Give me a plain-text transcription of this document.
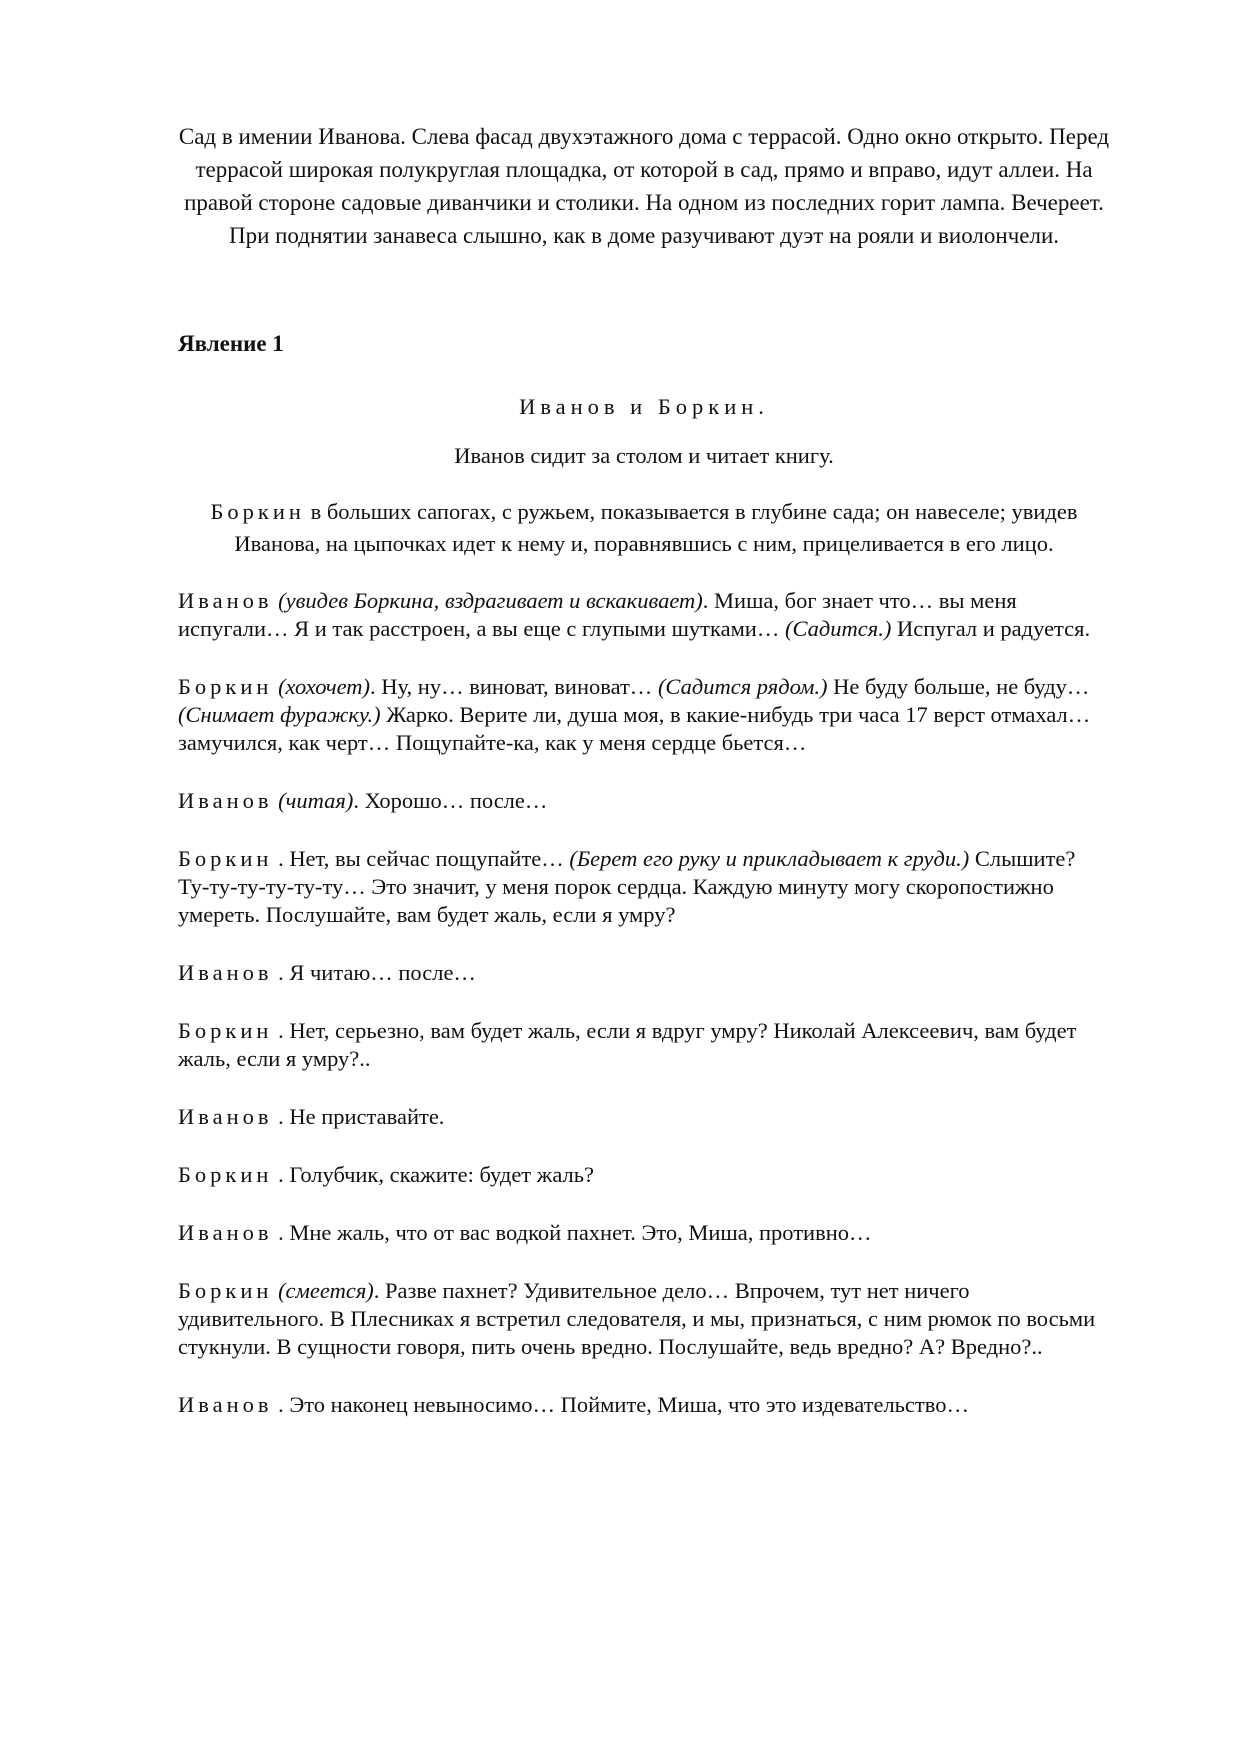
Сад в имении Иванова. Слева фасад двухэтажного дома с террасой. Одно окно открыто. Перед террасой широкая полукруглая площадка, от которой в сад, прямо и вправо, идут аллеи. На правой стороне садовые диванчики и столики. На одном из последних горит лампа. Вечереет. При поднятии занавеса слышно, как в доме разучивают дуэт на рояли и виолончели.

Явление 1
Иванов и Боркин.
Иванов сидит за столом и читает книгу.
Боркин в больших сапогах, с ружьем, показывается в глубине сада; он навеселе; увидев Иванова, на цыпочках идет к нему и, поравнявшись с ним, прицеливается в его лицо.

Иванов (увидев Боркина, вздрагивает и вскакивает). Миша, бог знает что… вы меня испугали… Я и так расстроен, а вы еще с глупыми шутками… (Садится.) Испугал и радуется.

Боркин (хохочет). Ну, ну… виноват, виноват… (Садится рядом.) Не буду больше, не буду… (Снимает фуражку.) Жарко. Верите ли, душа моя, в какие-нибудь три часа 17 верст отмахал… замучился, как черт… Пощупайте-ка, как у меня сердце бьется…

Иванов (читая). Хорошо… после…

Боркин . Нет, вы сейчас пощупайте… (Берет его руку и прикладывает к груди.) Слышите? Ту-ту-ту-ту-ту-ту… Это значит, у меня порок сердца. Каждую минуту могу скоропостижно умереть. Послушайте, вам будет жаль, если я умру?

Иванов . Я читаю… после…

Боркин . Нет, серьезно, вам будет жаль, если я вдруг умру? Николай Алексеевич, вам будет жаль, если я умру?..

Иванов . Не приставайте.

Боркин . Голубчик, скажите: будет жаль?

Иванов . Мне жаль, что от вас водкой пахнет. Это, Миша, противно…

Боркин (смеется). Разве пахнет? Удивительное дело… Впрочем, тут нет ничего удивительного. В Плесниках я встретил следователя, и мы, признаться, с ним рюмок по восьми стукнули. В сущности говоря, пить очень вредно. Послушайте, ведь вредно? А? Вредно?..

Иванов . Это наконец невыносимо… Поймите, Миша, что это издевательство…
